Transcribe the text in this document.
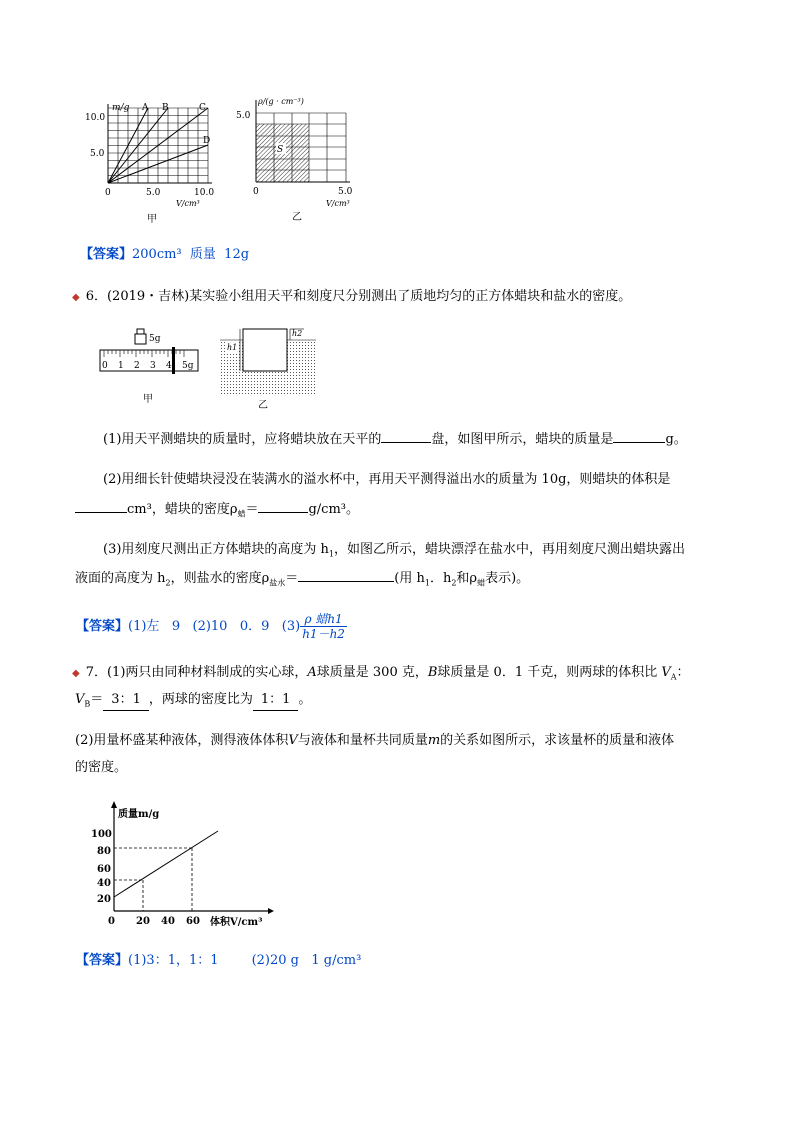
m/g A B	C
D
10.0
5.0
0	5.0	10.0
V/cm³
甲
S
ρ/(g · cm⁻³)
5.0
0	5.0
V/cm³
乙
【答案】200cm³  质量  12g
◆ 6．(2019・吉林)某实验小组用天平和刻度尺分别测出了质地均匀的正方体蜡块和盐水的密度。
5g
0 1 2 3 4 5g
甲
h1
h2
乙
(1)用天平测蜡块的质量时，应将蜡块放在天平的	盘，如图甲所示，蜡块的质量是	g。
(2)用细长针使蜡块浸没在装满水的溢水杯中，再用天平测得溢出水的质量为 10g，则蜡块的体积是
cm³，蜡块的密度$\rho_蜡=$	g/cm³。
(3)用刻度尺测出正方体蜡块的高度为 $h_1$，如图乙所示，蜡块漂浮在盐水中，再用刻度尺测出蜡块露出
液面的高度为 $h_2$，则盐水的密度$\rho_{盐水}=$	(用 $h_1$．$h_2$和$\rho_蜡$表示)。
【答案】(1)左   9   (2)10   0．9   $(3) \frac{\text{ρ 蜡h1}}{h1-h2}$
◆ 7．(1)两只由同种材料制成的实心球，A球质量是 300 克，B球质量是 0．1 千克，则两球的体积比 $V_A$：
$V_B= 3$：1 ，两球的密度比为 1：1 。
(2)用量杯盛某种液体，测得液体体积V与液体和量杯共同质量m的关系如图所示，求该量杯的质量和液体
的密度。
质量m/g
100
80
60
40
20
0 20 40 60 体积V/cm³
【答案】(1)3：1，1：1        (2)20 g   1 g/cm³
